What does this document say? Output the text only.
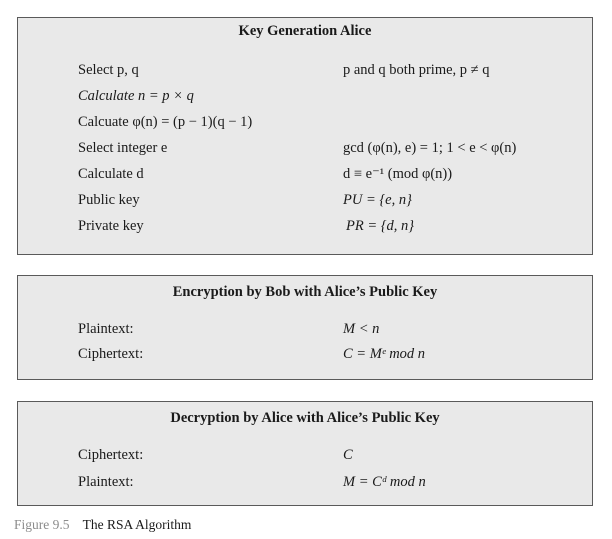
Key Generation Alice
Select p, q	p and q both prime, p ≠ q
Calculate n = p × q
Calcuate φ(n) = (p − 1)(q − 1)
Select integer e	gcd (φ(n), e) = 1; 1 < e < φ(n)
Calculate d	d ≡ e⁻¹ (mod φ(n))
Public key	PU = {e, n}
Private key	PR = {d, n}
Encryption by Bob with Alice’s Public Key
Plaintext:	M < n
Ciphertext:	C = Mᵉ mod n
Decryption by Alice with Alice’s Public Key
Ciphertext:	C
Plaintext:	M = Cᵈ mod n
Figure 9.5 The RSA Algorithm
